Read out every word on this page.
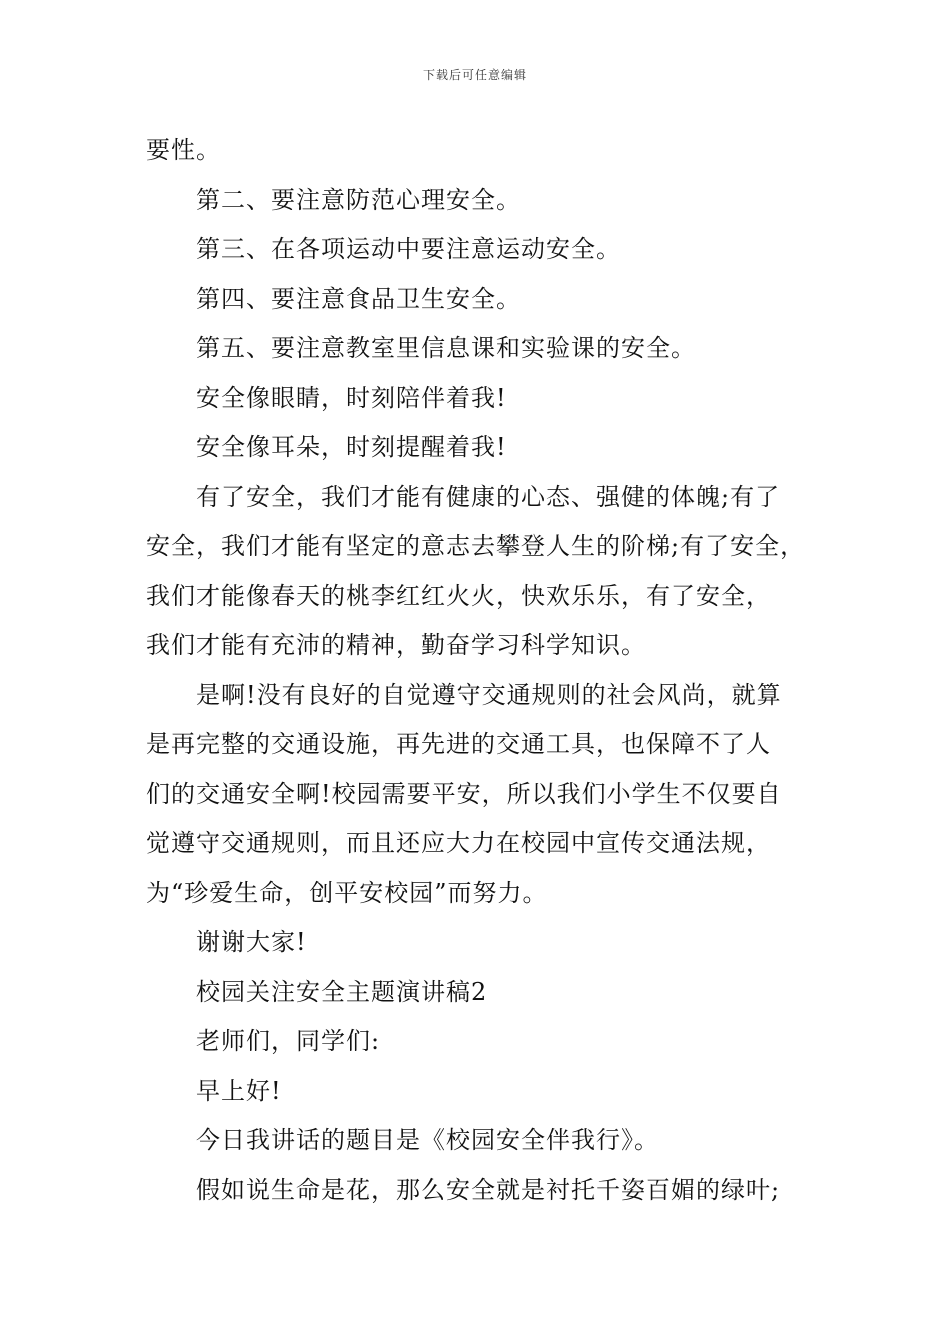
下载后可任意编辑

要性。

第二、要注意防范心理安全。

第三、在各项运动中要注意运动安全。

第四、要注意食品卫生安全。

第五、要注意教室里信息课和实验课的安全。

安全像眼睛，时刻陪伴着我!

安全像耳朵，时刻提醒着我!

有了安全，我们才能有健康的心态、强健的体魄;有了

安全，我们才能有坚定的意志去攀登人生的阶梯;有了安全，

我们才能像春天的桃李红红火火，快欢乐乐，有了安全，

我们才能有充沛的精神，勤奋学习科学知识。

是啊!没有良好的自觉遵守交通规则的社会风尚，就算

是再完整的交通设施，再先进的交通工具，也保障不了人

们的交通安全啊!校园需要平安，所以我们小学生不仅要自

觉遵守交通规则，而且还应大力在校园中宣传交通法规，

为“珍爱生命，创平安校园”而努力。

谢谢大家!

校园关注安全主题演讲稿2

老师们，同学们:

早上好!

今日我讲话的题目是《校园安全伴我行》。

假如说生命是花，那么安全就是衬托千姿百媚的绿叶;
